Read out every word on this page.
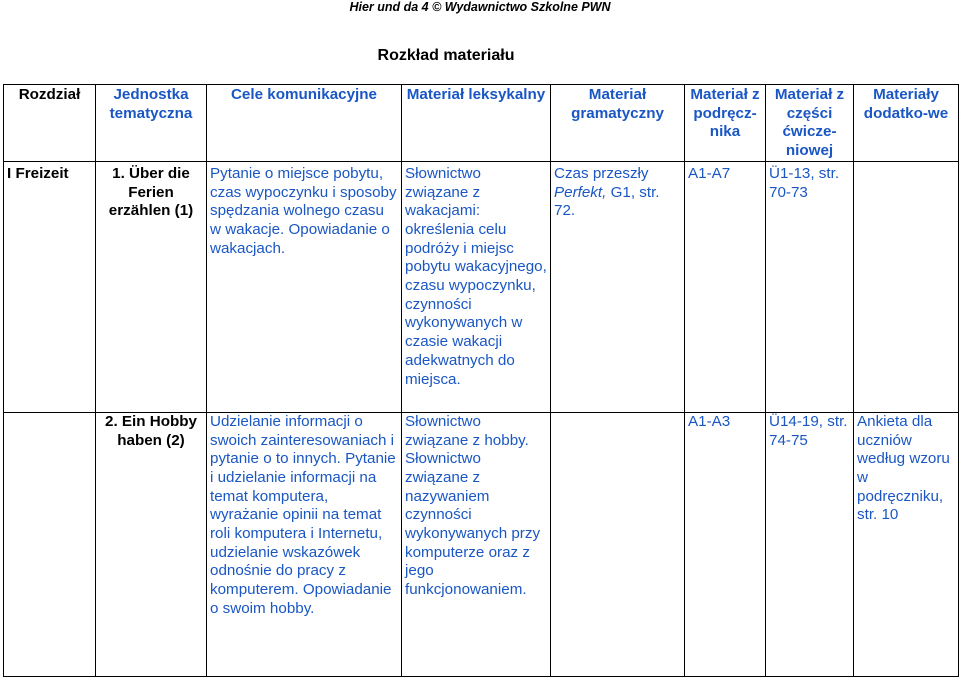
Hier und da 4 © Wydawnictwo Szkolne PWN
Rozkład materiału
Rozdział	Jednostka tematyczna	Cele komunikacyjne	Materiał leksykalny	Materiał gramatyczny	Materiał z podręcz-nika	Materiał z części ćwicze-niowej	Materiały dodatko-we
I Freizeit	1. Über die Ferien erzählen (1)	Pytanie o miejsce pobytu, czas wypoczynku i sposoby spędzania wolnego czasu w wakacje. Opowiadanie o wakacjach.	Słownictwo związane z wakacjami: określenia celu podróży i miejsc pobytu wakacyjnego, czasu wypoczynku, czynności wykonywanych w czasie wakacji adekwatnych do miejsca.	Czas przeszły Perfekt, G1, str. 72.	A1-A7	Ü1-13, str. 70-73	
	2. Ein Hobby haben (2)	Udzielanie informacji o swoich zainteresowaniach i pytanie o to innych. Pytanie i udzielanie informacji na temat komputera, wyrażanie opinii na temat roli komputera i Internetu, udzielanie wskazówek odnośnie do pracy z komputerem. Opowiadanie o swoim hobby.	Słownictwo związane z hobby. Słownictwo związane z nazywaniem czynności wykonywanych przy komputerze oraz z jego funkcjonowaniem.		A1-A3	Ü14-19, str. 74-75	Ankieta dla uczniów według wzoru w podręczniku, str. 10
